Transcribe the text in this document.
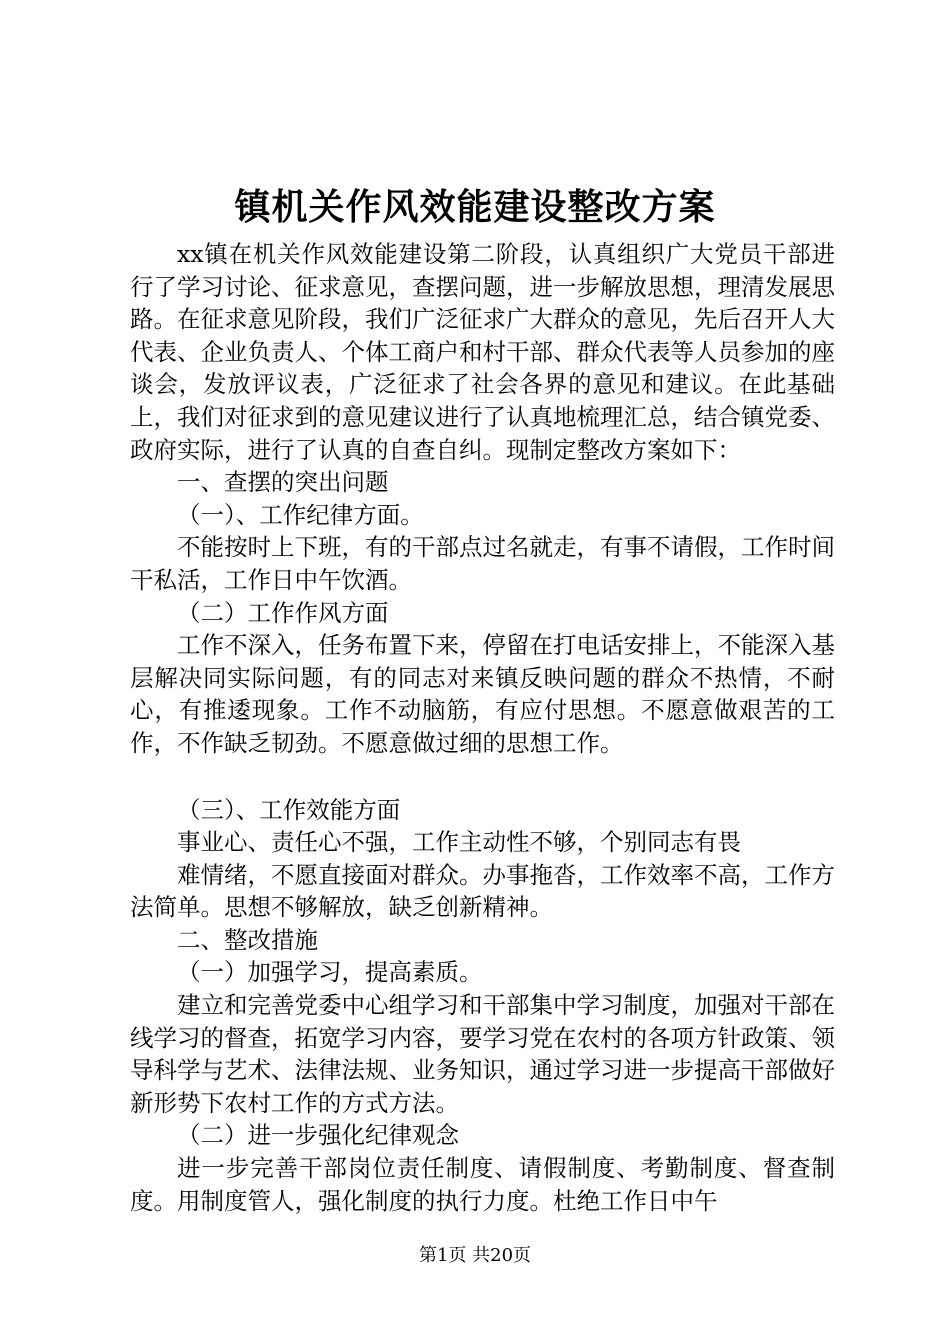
镇机关作风效能建设整改方案

xx镇在机关作风效能建设第二阶段，认真组织广大党员干部进行了学习讨论、征求意见，查摆问题，进一步解放思想，理清发展思路。在征求意见阶段，我们广泛征求广大群众的意见，先后召开人大代表、企业负责人、个体工商户和村干部、群众代表等人员参加的座谈会，发放评议表，广泛征求了社会各界的意见和建议。在此基础上，我们对征求到的意见建议进行了认真地梳理汇总，结合镇党委、政府实际，进行了认真的自查自纠。现制定整改方案如下：

一、查摆的突出问题

（一）、工作纪律方面。

不能按时上下班，有的干部点过名就走，有事不请假，工作时间干私活，工作日中午饮酒。

（二）工作作风方面

工作不深入，任务布置下来，停留在打电话安排上，不能深入基层解决同实际问题，有的同志对来镇反映问题的群众不热情，不耐心，有推逶现象。工作不动脑筋，有应付思想。不愿意做艰苦的工作，不作缺乏韧劲。不愿意做过细的思想工作。

（三）、工作效能方面

事业心、责任心不强，工作主动性不够，个别同志有畏

难情绪，不愿直接面对群众。办事拖沓，工作效率不高，工作方法简单。思想不够解放，缺乏创新精神。

二、整改措施

（一）加强学习，提高素质。

建立和完善党委中心组学习和干部集中学习制度，加强对干部在线学习的督查，拓宽学习内容，要学习党在农村的各项方针政策、领导科学与艺术、法律法规、业务知识，通过学习进一步提高干部做好新形势下农村工作的方式方法。

（二）进一步强化纪律观念

进一步完善干部岗位责任制度、请假制度、考勤制度、督查制度。用制度管人，强化制度的执行力度。杜绝工作日中午

第1页 共20页
